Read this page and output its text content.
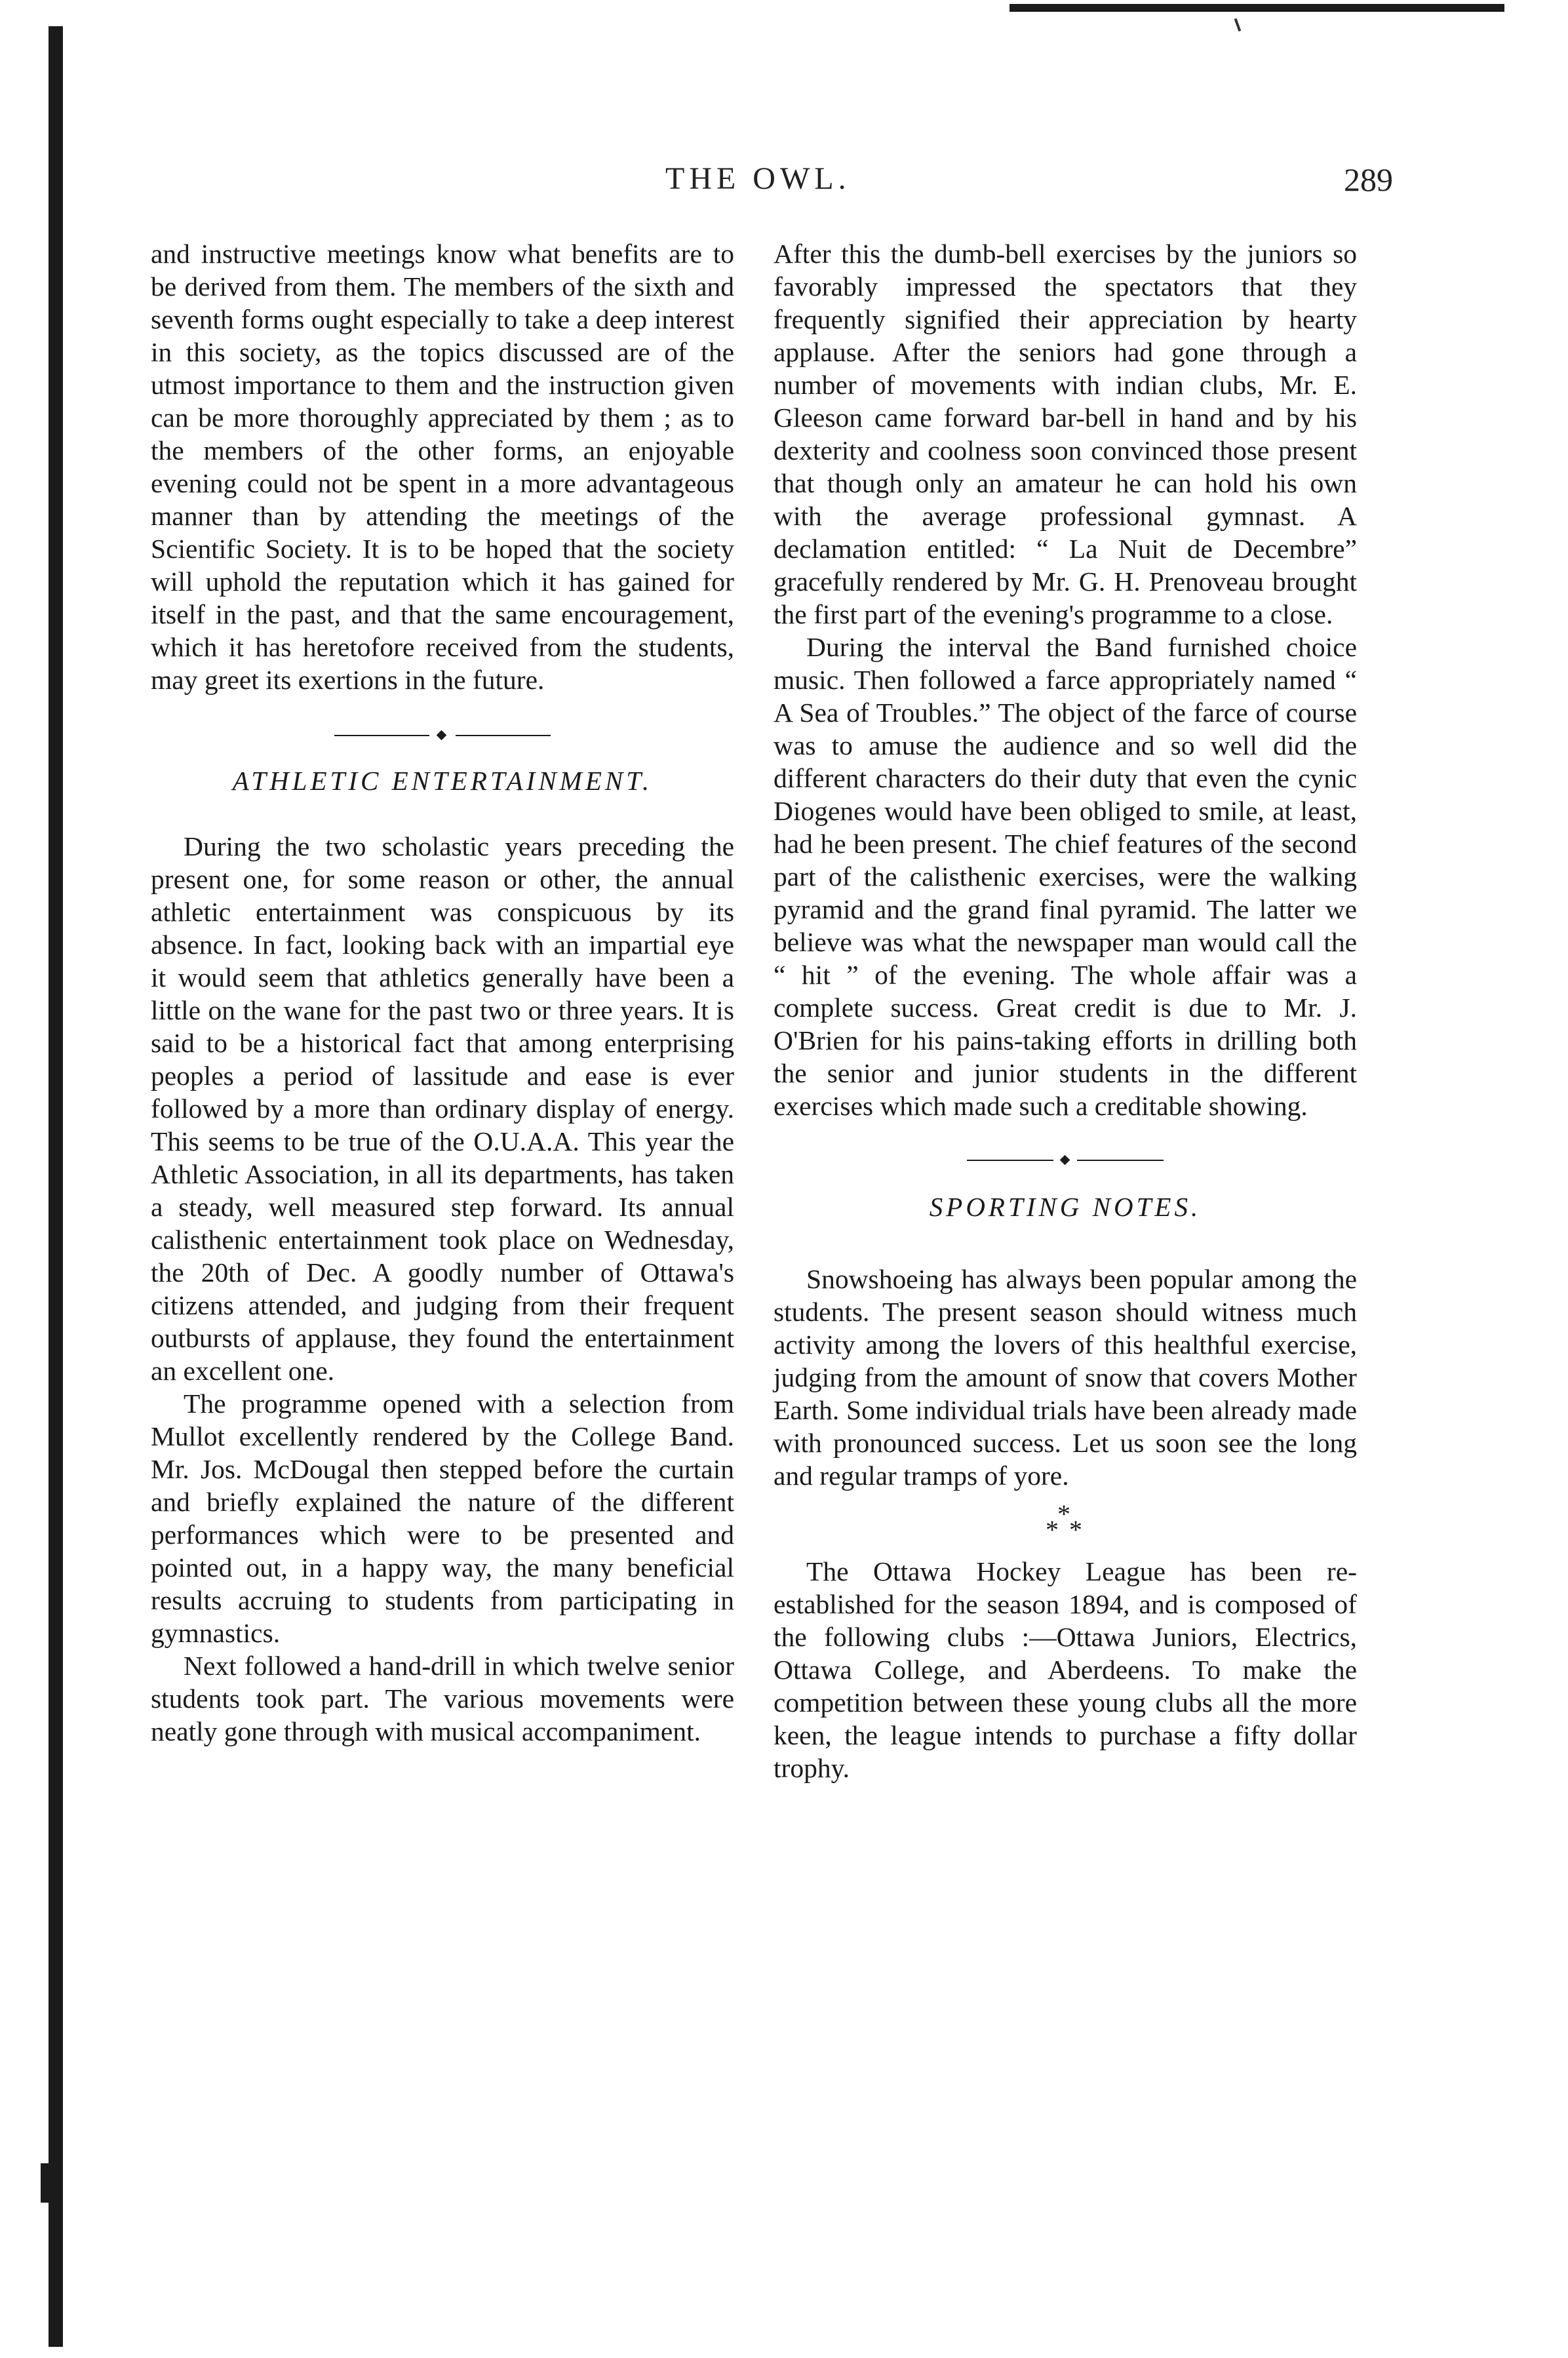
THE OWL.	289

and instructive meetings know what benefits are to be derived from them. The members of the sixth and seventh forms ought especially to take a deep interest in this society, as the topics discussed are of the utmost importance to them and the instruction given can be more thoroughly appreciated by them ; as to the members of the other forms, an enjoyable evening could not be spent in a more advantageous manner than by attending the meetings of the Scientific Society. It is to be hoped that the society will uphold the reputation which it has gained for itself in the past, and that the same encouragement, which it has heretofore received from the students, may greet its exertions in the future.

ATHLETIC ENTERTAINMENT.

During the two scholastic years preceding the present one, for some reason or other, the annual athletic entertainment was conspicuous by its absence. In fact, looking back with an impartial eye it would seem that athletics generally have been a little on the wane for the past two or three years. It is said to be a historical fact that among enterprising peoples a period of lassitude and ease is ever followed by a more than ordinary display of energy. This seems to be true of the O.U.A.A. This year the Athletic Association, in all its departments, has taken a steady, well measured step forward. Its annual calisthenic entertainment took place on Wednesday, the 20th of Dec. A goodly number of Ottawa's citizens attended, and judging from their frequent outbursts of applause, they found the entertainment an excellent one.

The programme opened with a selection from Mullot excellently rendered by the College Band. Mr. Jos. McDougal then stepped before the curtain and briefly explained the nature of the different performances which were to be presented and pointed out, in a happy way, the many beneficial results accruing to students from participating in gymnastics.

Next followed a hand-drill in which twelve senior students took part. The various movements were neatly gone through with musical accompaniment.

After this the dumb-bell exercises by the juniors so favorably impressed the spectators that they frequently signified their appreciation by hearty applause. After the seniors had gone through a number of movements with indian clubs, Mr. E. Gleeson came forward bar-bell in hand and by his dexterity and coolness soon convinced those present that though only an amateur he can hold his own with the average professional gymnast. A declamation entitled: “ La Nuit de Decembre” gracefully rendered by Mr. G. H. Prenoveau brought the first part of the evening's programme to a close.

During the interval the Band furnished choice music. Then followed a farce appropriately named “ A Sea of Troubles.” The object of the farce of course was to amuse the audience and so well did the different characters do their duty that even the cynic Diogenes would have been obliged to smile, at least, had he been present. The chief features of the second part of the calisthenic exercises, were the walking pyramid and the grand final pyramid. The latter we believe was what the newspaper man would call the “ hit ” of the evening. The whole affair was a complete success. Great credit is due to Mr. J. O'Brien for his pains-taking efforts in drilling both the senior and junior students in the different exercises which made such a creditable showing.

SPORTING NOTES.

Snowshoeing has always been popular among the students. The present season should witness much activity among the lovers of this healthful exercise, judging from the amount of snow that covers Mother Earth. Some individual trials have been already made with pronounced success. Let us soon see the long and regular tramps of yore.

*
* *

The Ottawa Hockey League has been re-established for the season 1894, and is composed of the following clubs :—Ottawa Juniors, Electrics, Ottawa College, and Aberdeens. To make the competition between these young clubs all the more keen, the league intends to purchase a fifty dollar trophy.
